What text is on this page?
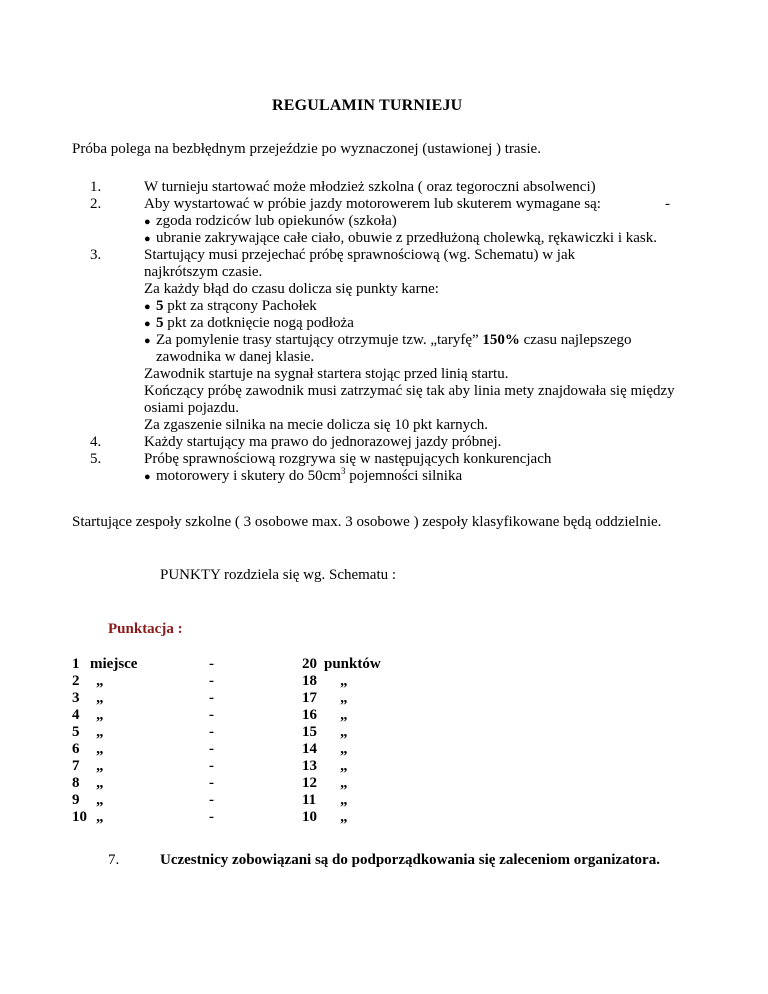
REGULAMIN TURNIEJU
Próba polega na bezbłędnym przejeździe po wyznaczonej (ustawionej ) trasie.
1.	W turnieju startować może młodzież szkolna ( oraz tegoroczni absolwenci)
2.	Aby wystartować w próbie jazdy motorowerem lub skuterem wymagane są:	-
● zgoda rodziców lub opiekunów (szkoła)
● ubranie zakrywające całe ciało, obuwie z przedłużoną cholewką, rękawiczki i kask.
3.	Startujący musi przejechać próbę sprawnościową (wg. Schematu) w jak
najkrótszym czasie.
Za każdy błąd do czasu dolicza się punkty karne:
● 5 pkt za strącony Pachołek
● 5 pkt za dotknięcie nogą podłoża
● Za pomylenie trasy startujący otrzymuje tzw. „taryfę” 150% czasu najlepszego
zawodnika w danej klasie.
Zawodnik startuje na sygnał startera stojąc przed linią startu.
Kończący próbę zawodnik musi zatrzymać się tak aby linia mety znajdowała się między
osiami pojazdu.
Za zgaszenie silnika na mecie dolicza się 10 pkt karnych.
4.	Każdy startujący ma prawo do jednorazowej jazdy próbnej.
5.	Próbę sprawnościową rozgrywa się w następujących konkurencjach
● motorowery i skutery do $50cm^3$ pojemności silnika
Startujące zespoły szkolne ( 3 osobowe max. 3 osobowe ) zespoły klasyfikowane będą oddzielnie.
PUNKTY rozdziela się wg. Schematu :
Punktacja :
1 miejsce	-	20 punktów
2 „	-	18 „
3 „	-	17 „
4 „	-	16 „
5 „	-	15 „
6 „	-	14 „
7 „	-	13 „
8 „	-	12 „
9 „	-	11 „
10 „	-	10 „
7.	Uczestnicy zobowiązani są do podporządkowania się zaleceniom organizatora.
